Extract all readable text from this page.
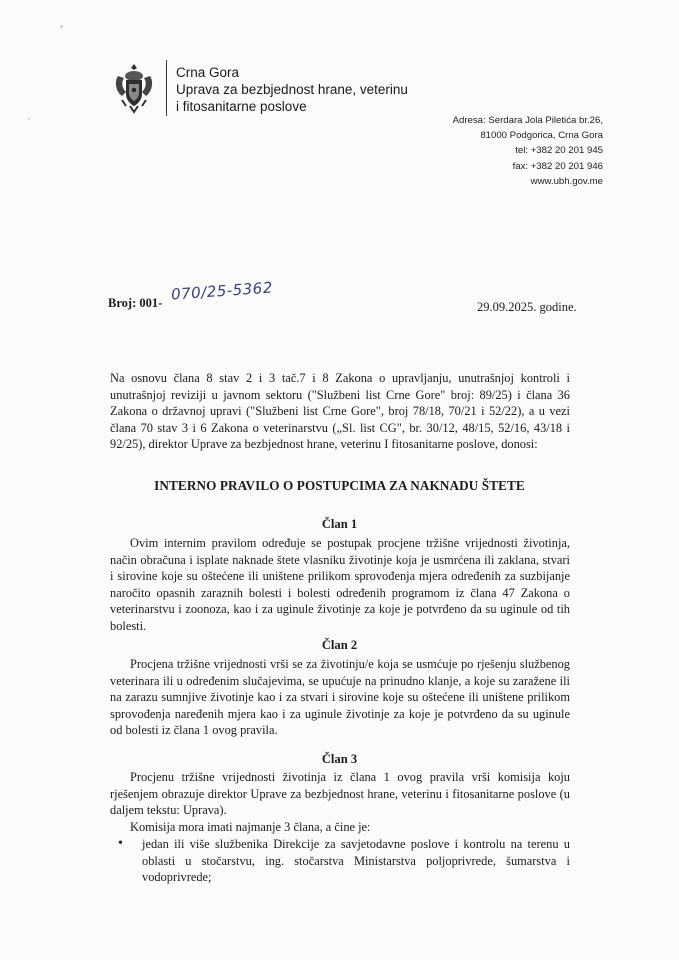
Crna Gora
Uprava za bezbjednost hrane, veterinu
i fitosanitarne poslove
Adresa: Serdara Jola Piletića br.26,
81000 Podgorica, Crna Gora
tel: +382 20 201 945
fax: +382 20 201 946
www.ubh.gov.me
Broj: 001- 070/25-5362
29.09.2025. godine.
Na osnovu člana 8 stav 2 i 3 tač.7 i 8 Zakona o upravljanju, unutrašnjoj kontroli i unutrašnjoj reviziji u javnom sektoru ("Službeni list Crne Gore" broj: 89/25) i člana 36 Zakona o državnoj upravi ("Službeni list Crne Gore", broj 78/18, 70/21 i 52/22), a u vezi člana 70 stav 3 i 6 Zakona o veterinarstvu („Sl. list CG", br. 30/12, 48/15, 52/16, 43/18 i 92/25), direktor Uprave za bezbjednost hrane, veterinu I fitosanitarne poslove, donosi:
INTERNO PRAVILO O POSTUPCIMA ZA NAKNADU ŠTETE
Član 1
Ovim internim pravilom određuje se postupak procjene tržišne vrijednosti životinja, način obračuna i isplate naknade štete vlasniku životinje koja je usmrćena ili zaklana, stvari i sirovine koje su oštećene ili uništene prilikom sprovođenja mjera određenih za suzbijanje naročito opasnih zaraznih bolesti i bolesti određenih programom iz člana 47 Zakona o veterinarstvu i zoonoza, kao i za uginule životinje za koje je potvrđeno da su uginule od tih bolesti.
Član 2
Procjena tržišne vrijednosti vrši se za životinju/e koja se usmćuje po rješenju službenog veterinara ili u određenim slučajevima, se upućuje na prinudno klanje, a koje su zaražene ili na zarazu sumnjive životinje kao i za stvari i sirovine koje su oštećene ili uništene prilikom sprovođenja naređenih mjera kao i za uginule životinje za koje je potvrđeno da su uginule od bolesti iz člana 1 ovog pravila.
Član 3
Procjenu tržišne vrijednosti životinja iz člana 1 ovog pravila vrši komisija koju rješenjem obrazuje direktor Uprave za bezbjednost hrane, veterinu i fitosanitarne poslove (u daljem tekstu: Uprava).
Komisija mora imati najmanje 3 člana, a čine je:
• jedan ili više službenika Direkcije za savjetodavne poslove i kontrolu na terenu u oblasti u stočarstvu, ing. stočarstva Ministarstva poljoprivrede, šumarstva i vodoprivrede;
